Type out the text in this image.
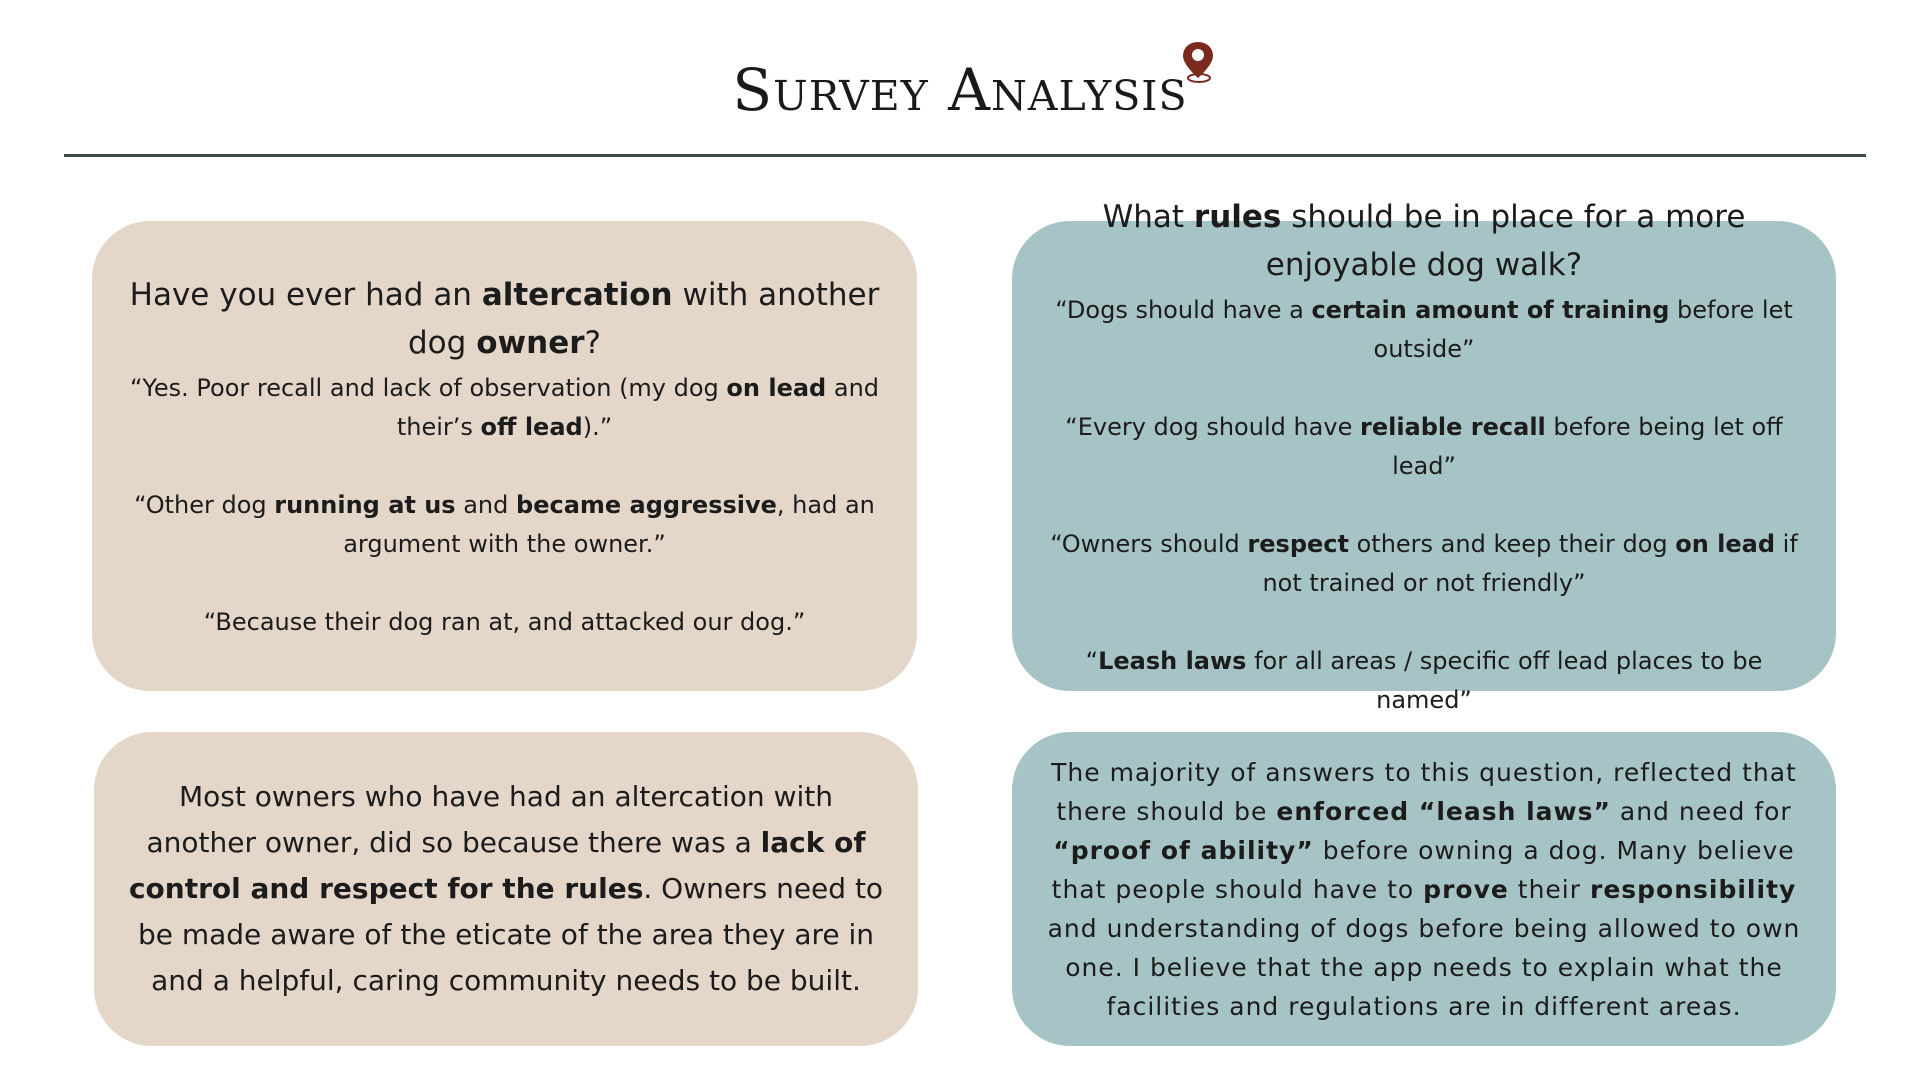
Survey Analysis
Have you ever had an altercation with another dog owner?
“Yes. Poor recall and lack of observation (my dog on lead and their’s off lead).”
“Other dog running at us and became aggressive, had an argument with the owner.”
“Because their dog ran at, and attacked our dog.”
What rules should be in place for a more enjoyable dog walk?
“Dogs should have a certain amount of training before let outside”
“Every dog should have reliable recall before being let off lead”
“Owners should respect others and keep their dog on lead if not trained or not friendly”
“Leash laws for all areas / specific off lead places to be named”
Most owners who have had an altercation with another owner, did so because there was a lack of control and respect for the rules. Owners need to be made aware of the eticate of the area they are in and a helpful, caring community needs to be built.
The majority of answers to this question, reflected that there should be enforced “leash laws” and need for “proof of ability” before owning a dog. Many believe that people should have to prove their responsibility and understanding of dogs before being allowed to own one. I believe that the app needs to explain what the facilities and regulations are in different areas.
